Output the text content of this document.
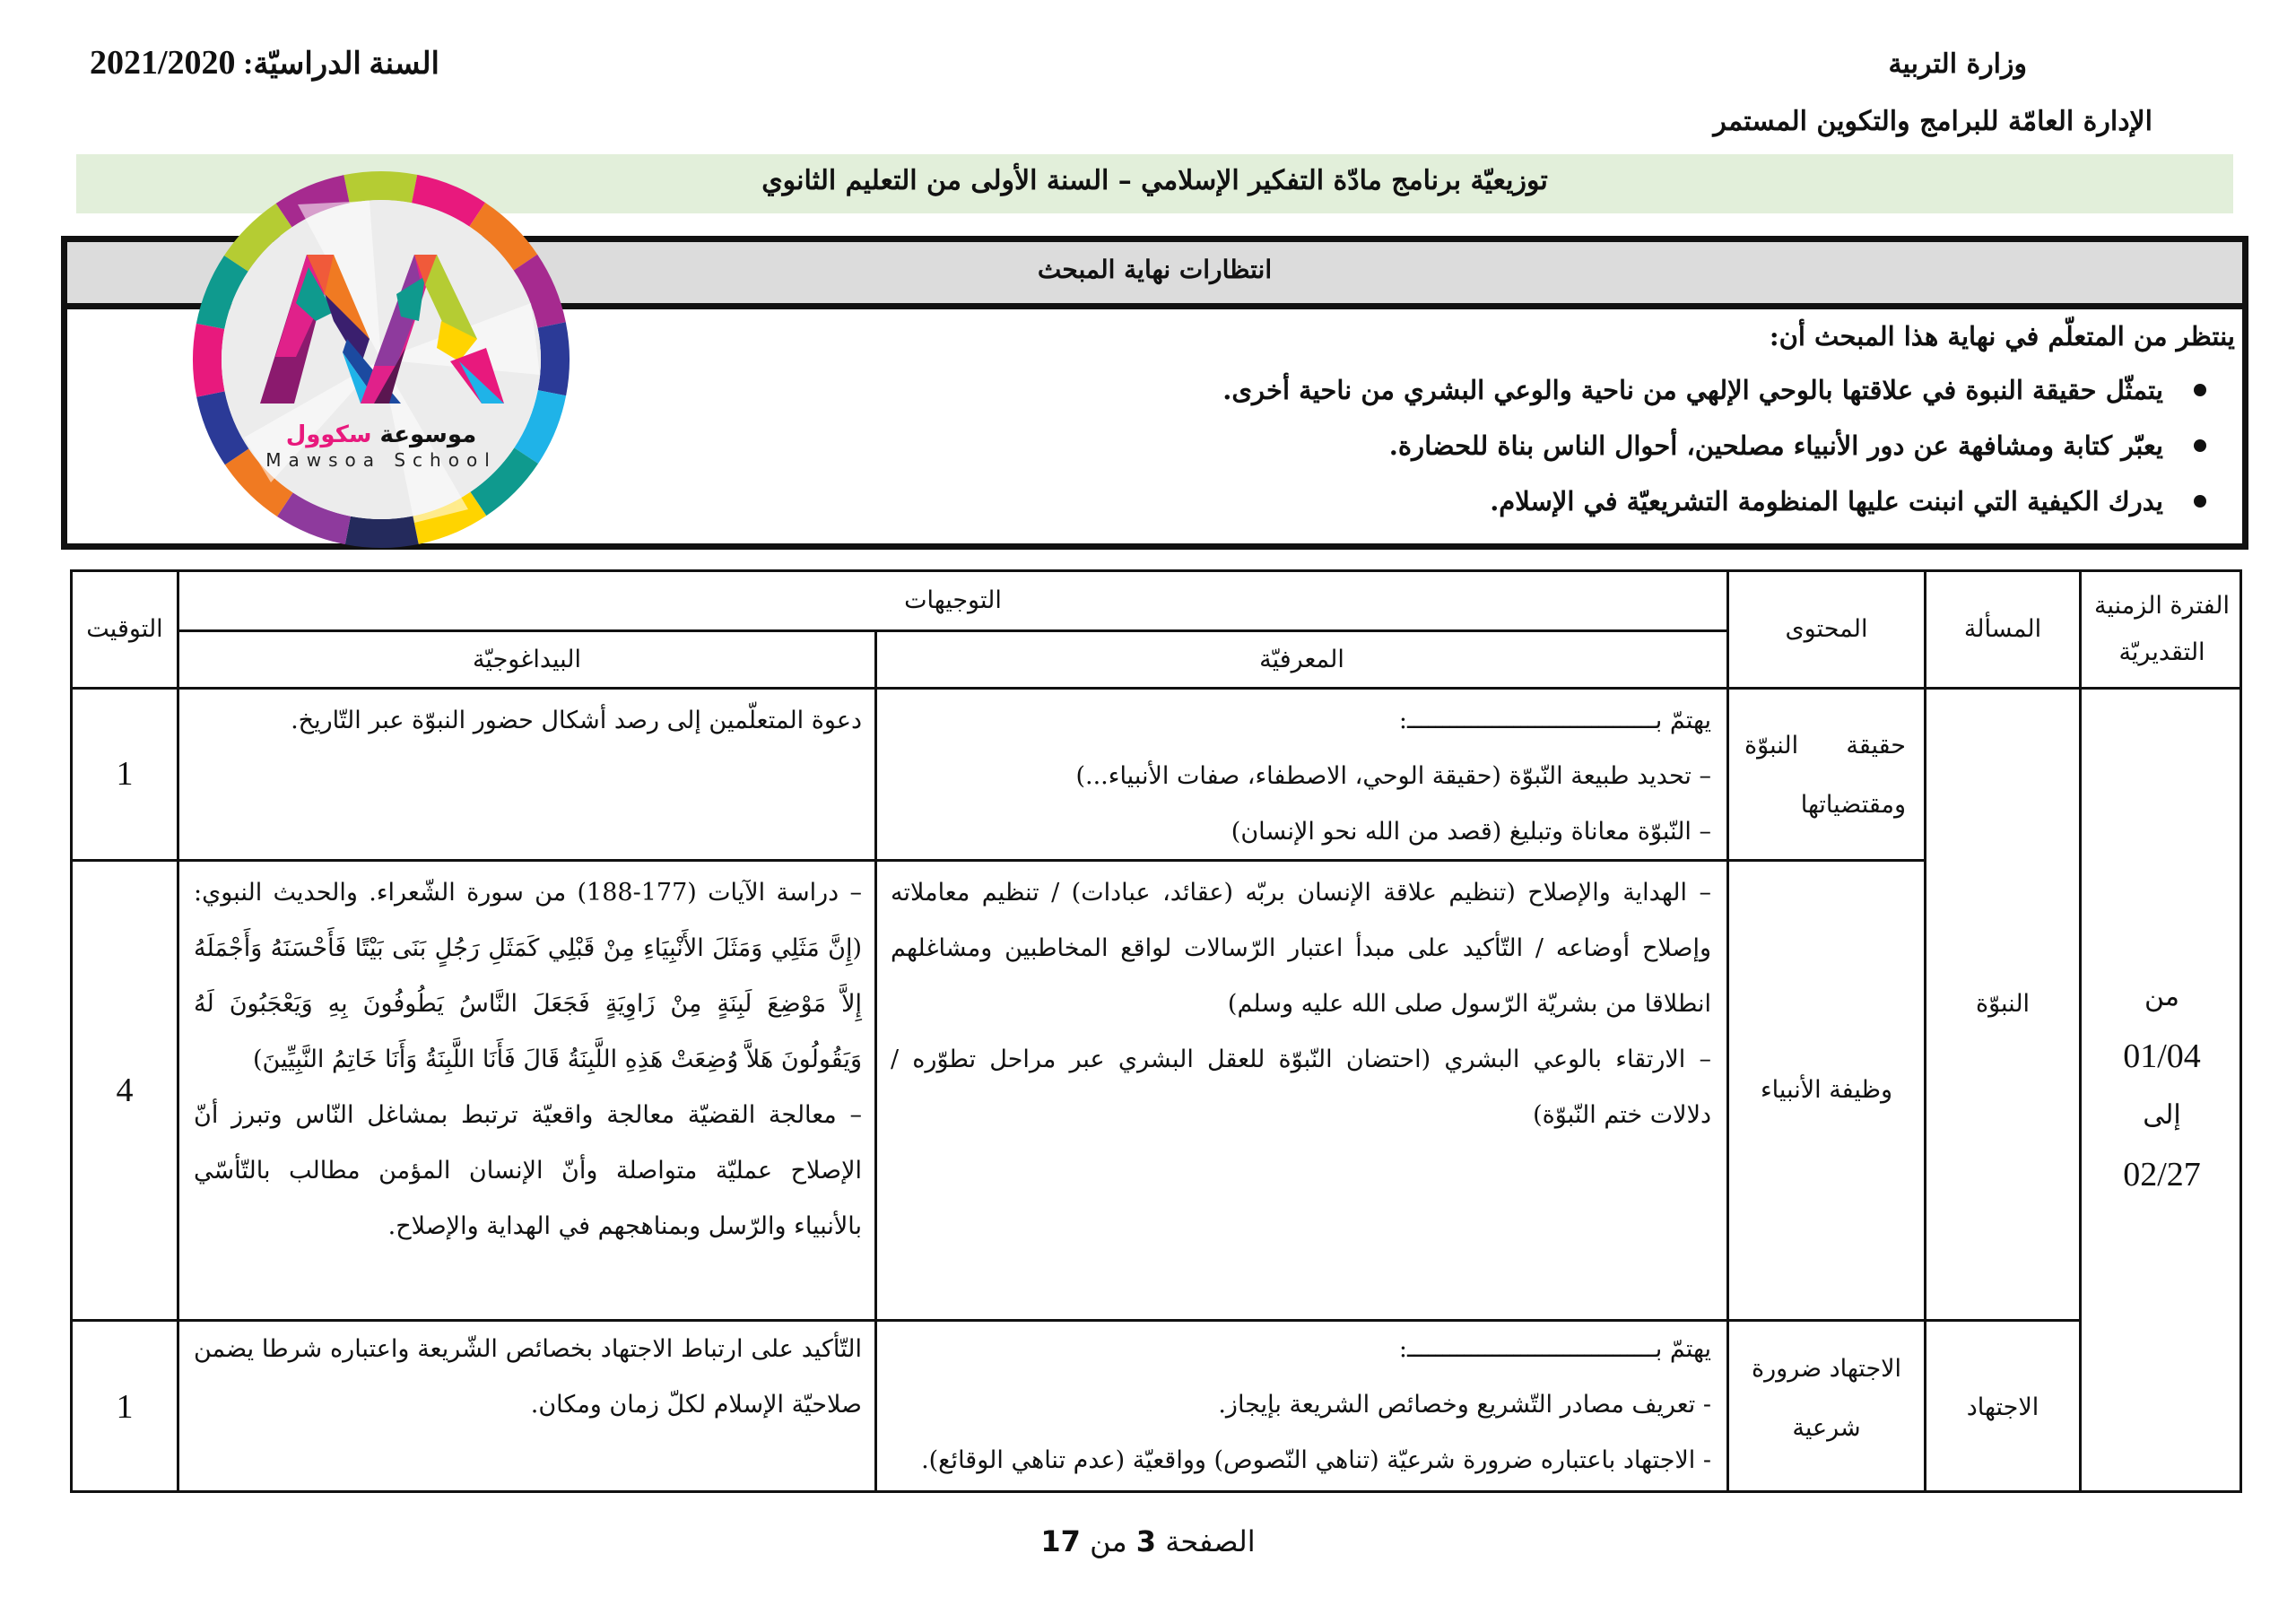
السنة الدراسيّة: 2021/2020	وزارة التربية
الإدارة العامّة للبرامج والتكوين المستمر
توزيعيّة برنامج مادّة التفكير الإسلامي – السنة الأولى من التعليم الثانوي
انتظارات نهاية المبحث
ينتظر من المتعلّم في نهاية هذا المبحث أن:
يتمثّل حقيقة النبوة في علاقتها بالوحي الإلهي من ناحية والوعي البشري من ناحية أخرى.
يعبّر كتابة ومشافهة عن دور الأنبياء مصلحين، أحوال الناس بناة للحضارة.
يدرك الكيفية التي انبنت عليها المنظومة التشريعيّة في الإسلام.
موسوعة سكوول
Mawsoa School
الفترة الزمنية التقديريّة
المسألة
المحتوى
التوجيهات
المعرفيّة
البيداغوجيّة
التوقيت
من
01/04
إلى
02/27
النبوّة
الاجتهاد
حقيقة النبوّة ومقتضياتها
يهتمّ بـــــــــــــــــــــــــــــــــــ:
– تحديد طبيعة النّبوّة (حقيقة الوحي، الاصطفاء، صفات الأنبياء...)
– النّبوّة معاناة وتبليغ (قصد من الله نحو الإنسان)
دعوة المتعلّمين إلى رصد أشكال حضور النبوّة عبر التّاريخ.
1
وظيفة الأنبياء
– الهداية والإصلاح (تنظيم علاقة الإنسان بربّه (عقائد، عبادات) / تنظيم معاملاته وإصلاح أوضاعه / التّأكيد على مبدأ اعتبار الرّسالات لواقع المخاطبين ومشاغلهم انطلاقا من بشريّة الرّسول صلى الله عليه وسلم)
– الارتقاء بالوعي البشري (احتضان النّبوّة للعقل البشري عبر مراحل تطوّره / دلالات ختم النّبوّة)
– دراسة الآيات (177-188) من سورة الشّعراء. والحديث النبوي: (إِنَّ مَثَلِي وَمَثَلَ الأَنْبِيَاءِ مِنْ قَبْلِي كَمَثَلِ رَجُلٍ بَنَى بَيْتًا فَأَحْسَنَهُ وَأَجْمَلَهُ إِلاَّ مَوْضِعَ لَبِنَةٍ مِنْ زَاوِيَةٍ فَجَعَلَ النَّاسُ يَطُوفُونَ بِهِ وَيَعْجَبُونَ لَهُ وَيَقُولُونَ هَلاَّ وُضِعَتْ هَذِهِ اللَّبِنَةُ قَالَ فَأَنَا اللَّبِنَةُ وَأَنَا خَاتِمُ النَّبِيِّينَ)
– معالجة القضيّة معالجة واقعيّة ترتبط بمشاغل النّاس وتبرز أنّ الإصلاح عمليّة متواصلة وأنّ الإنسان المؤمن مطالب بالتّأسّي بالأنبياء والرّسل وبمناهجهم في الهداية والإصلاح.
4
الاجتهاد ضرورة شرعية
يهتمّ بـــــــــــــــــــــــــــــــــــ:
- تعريف مصادر التّشريع وخصائص الشريعة بإيجاز.
- الاجتهاد باعتباره ضرورة شرعيّة (تناهي النّصوص) وواقعيّة (عدم تناهي الوقائع).
التّأكيد على ارتباط الاجتهاد بخصائص الشّريعة واعتباره شرطا يضمن صلاحيّة الإسلام لكلّ زمان ومكان.
1
الصفحة 3 من 17
